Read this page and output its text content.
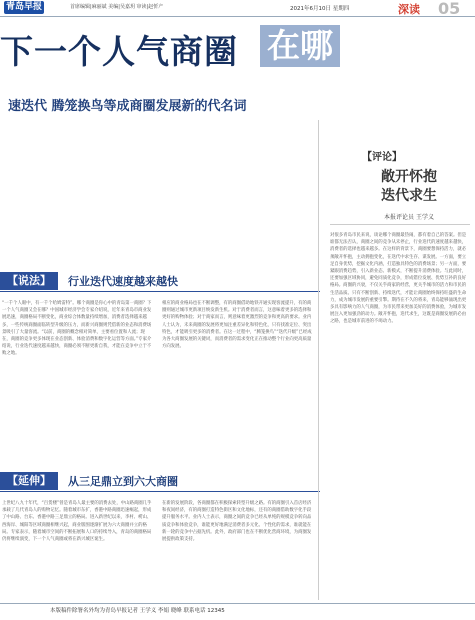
青岛早报	首席编辑|麻丽斌 美编|吴嘉玥 审读|赵忻产	2021年6月10日 星期四	深读 05
下一个人气商圈 在哪
速迭代 腾笼换鸟等成商圈发展新的代名词
【说法】	行业迭代速度越来越快
“一千个人眼中，有一千个哈姆雷特”。哪个商圈是你心中的青岛第一商圈？下一个人气商圈又会在哪？中国城市经济学会专家介绍说，近年来青岛市商业发展迅速，商圈格局不断变化，商业综合体数量持续增加，消费者选择越来越多，一些传统商圈面临转型升级的压力，而新兴商圈则凭借新的业态和消费场景吸引了大量客流。“以前，商圈的概念相对简单，主要看位置和人流；现在，商圈的竞争更多体现在业态创新、体验消费和数字化运营等方面。”专家介绍说，行业迭代速度越来越快，商圈必须不断更新自我，才能在竞争中立于不败之地。
相应的商业格局也在不断调整，有的商圈借助地铁开通实现客流提升，有的商圈则通过城市更新项目焕发新生机。对于消费者而言，这意味着更多的选择和更好的购物体验；对于商家而言，则意味着更激烈的竞争和更高的要求。业内人士认为，未来商圈的发展将更加注重差异化和特色化，只有找准定位、突出特色，才能吸引更多的消费者。在这一过程中，“腾笼换鸟”“迭代升级”已经成为各大商圈发展的关键词，而消费者的需求变化正在推动整个行业向更高质量方向发展。
【延伸】	从三足鼎立到六大商圈
上世纪八九十年代，“百货楼”曾是青岛人最主要的消费去处，中山路商圈几乎承载了几代青岛人的购物记忆。随着城市东扩，香港中路商圈迅速崛起，形成了中山路、台东、香港中路三足鼎立的格局。进入新世纪以来，李村、崂山、西海岸、城阳等区域商圈相继兴起，商业版图逐渐扩展为六大商圈并立的格局。专家表示，随着城市空间的不断拓展和人口的持续导入，青岛的商圈格局仍将继续演变，下一个人气商圈或将在新兴城区诞生。
在新的发展阶段，各商圈都在积极探索转型升级之路。有的商圈引入首店经济和夜间经济，有的商圈打造特色街区和文化地标，还有的商圈借助数字化手段提升服务水平。业内人士表示，商圈之间的竞争已经从单纯的规模竞争转向品质竞争和体验竞争，谁能更好地满足消费者多元化、个性化的需求，谁就能在新一轮的竞争中占据先机。此外，政府部门也在不断优化营商环境，为商圈发展提供政策支持。
【评论】
敞开怀抱
迭代求生
本报评论员 王学义
对很多青岛市民来说，谈论哪个商圈最热闹，都有着自己的答案。但是谁都无法否认，商圈之间的竞争从未停止，行业迭代的速度越来越快，消费者的选择也越来越多。在这样的背景下，商圈要想保持活力，就必须敞开怀抱，主动拥抱变化，在迭代中求生存、谋发展。一方面，要立足自身优势，挖掘文化内涵，打造独具特色的消费场景；另一方面，要紧跟消费趋势，引入新业态、新模式，不断提升消费体验。与此同时，还要加强区域协同，避免同质化竞争，形成错位发展、优势互补的良好格局。商圈的兴衰，不仅关乎商家的经营，更关乎城市的活力和市民的生活品质。只有不断创新、持续迭代，才能让商圈始终保持旺盛的生命力，成为城市发展的重要引擎。期待在不久的将来，青岛能够涌现出更多具有影响力的人气商圈，为市民带来更加美好的消费体验，为城市发展注入更加强劲的动力。敞开怀抱，迭代求生，这既是商圈发展的必由之路，也是城市前进的不竭动力。
本版稿件除署名外均为青岛早报记者 王学义 李娟 晓峰 联系电话 12345
